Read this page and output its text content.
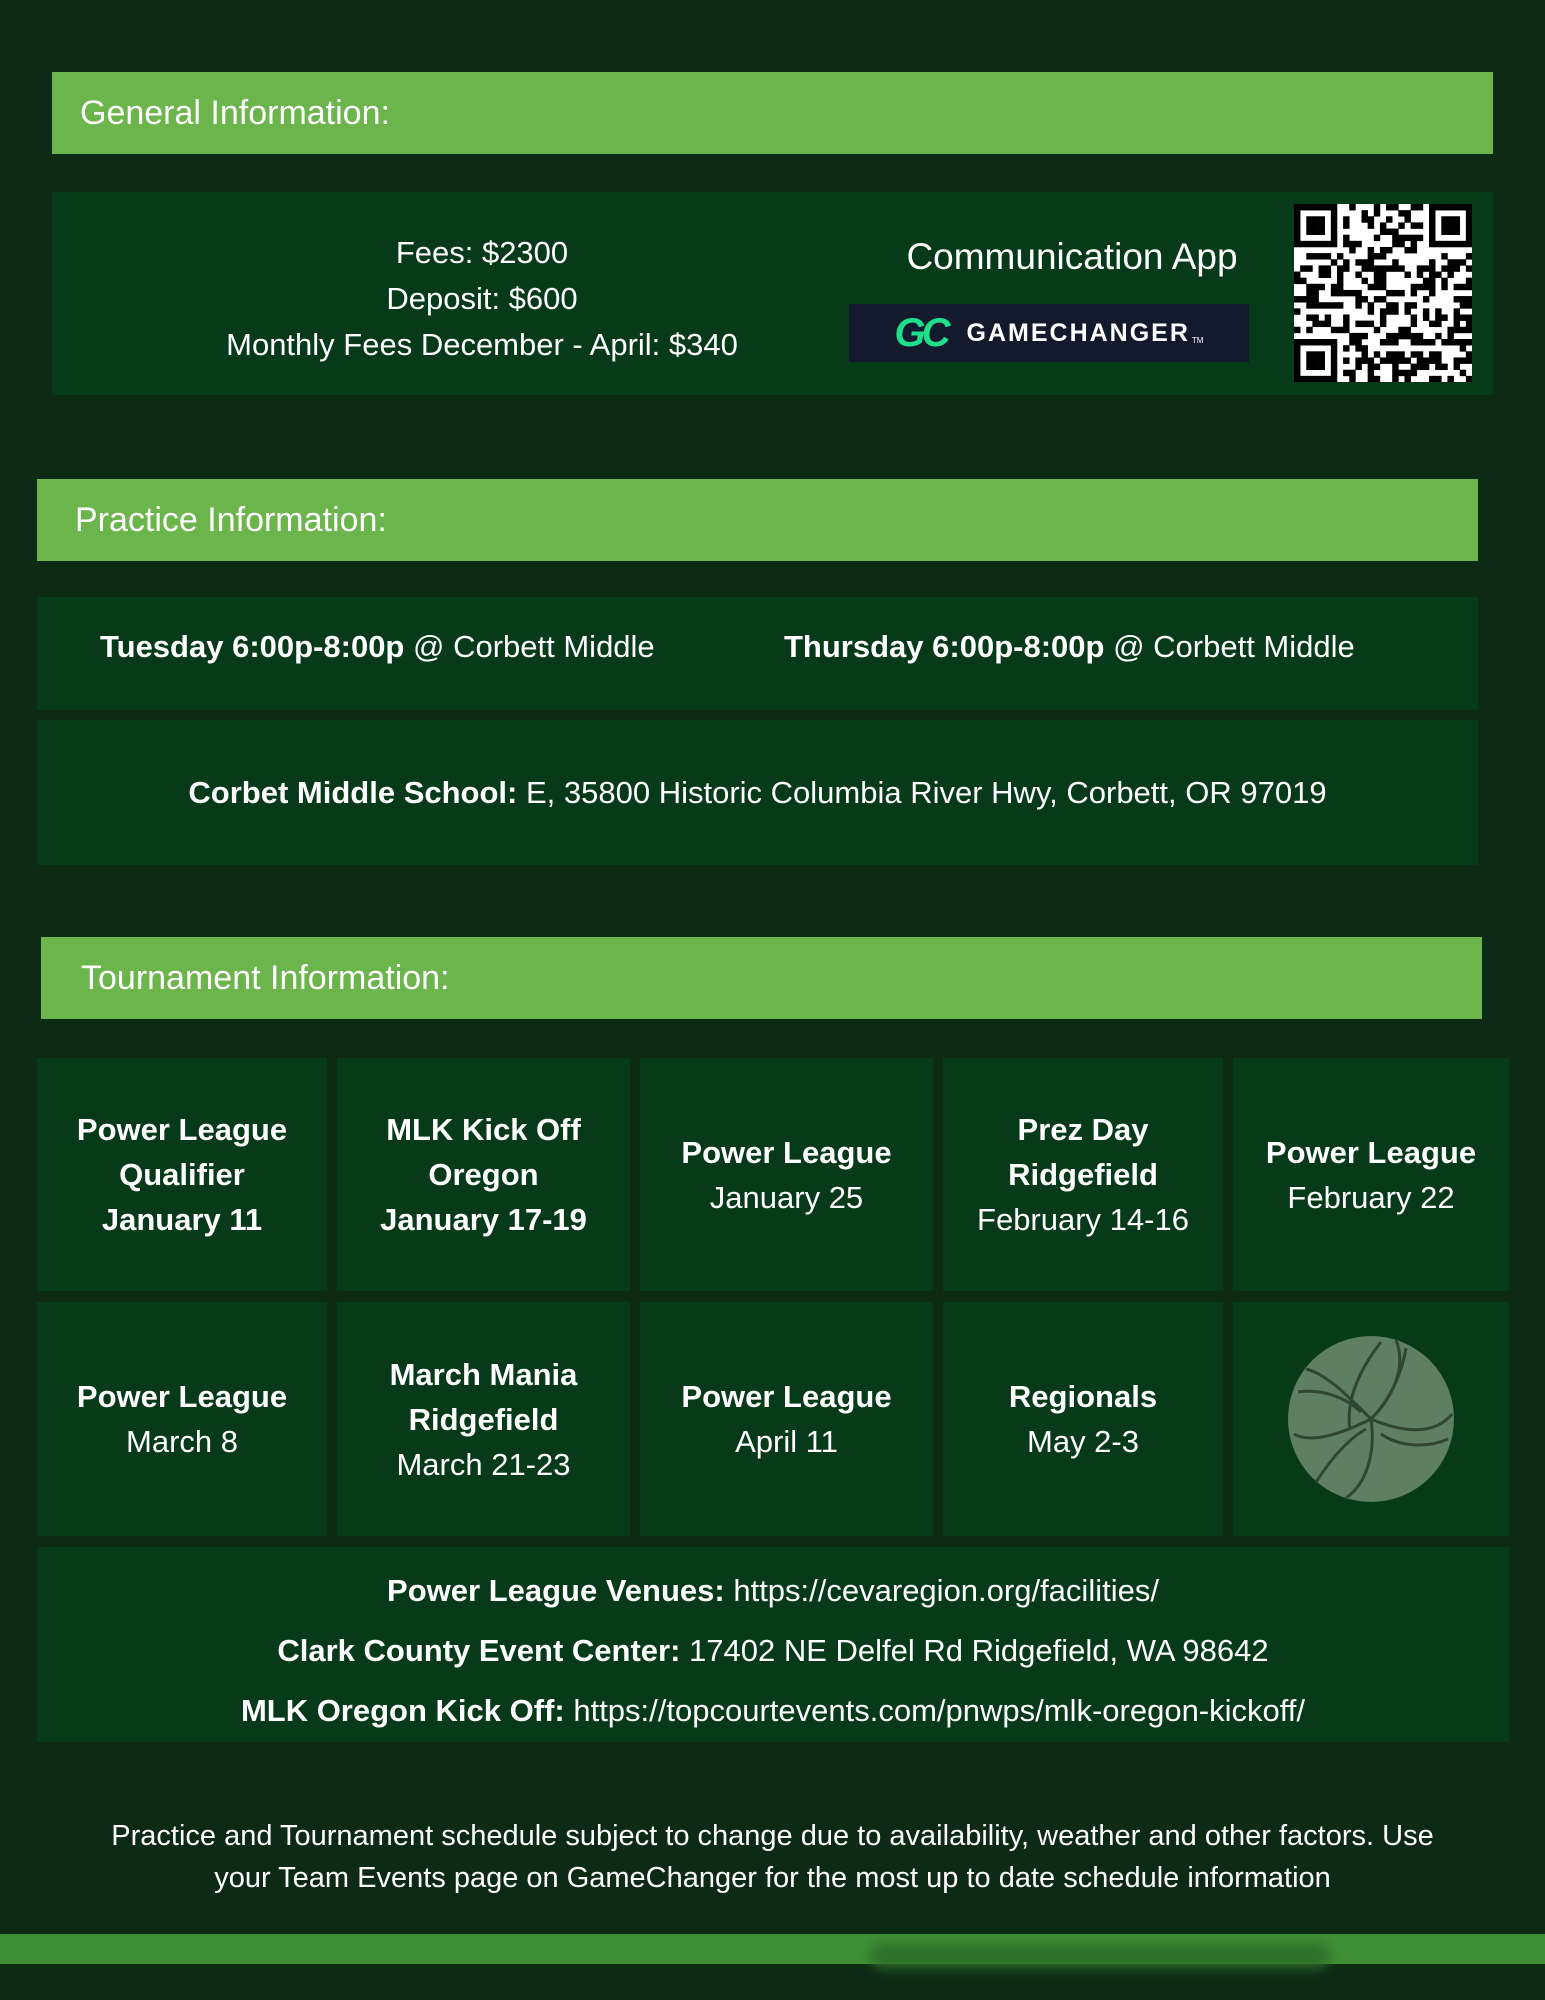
General Information:
Fees: $2300
Deposit: $600
Monthly Fees December - April: $340
Communication App
GC GAMECHANGER TM
Practice Information:
Tuesday 6:00p-8:00p @ Corbett Middle	Thursday 6:00p-8:00p @ Corbett Middle
Corbet Middle School: E, 35800 Historic Columbia River Hwy, Corbett, OR 97019
Tournament Information:
Power League
Qualifier
January 11
MLK Kick Off
Oregon
January 17-19
Power League
January 25
Prez Day
Ridgefield
February 14-16
Power League
February 22
Power League
March 8
March Mania
Ridgefield
March 21-23
Power League
April 11
Regionals
May 2-3
Power League Venues: https://cevaregion.org/facilities/
Clark County Event Center: 17402 NE Delfel Rd Ridgefield, WA 98642
MLK Oregon Kick Off: https://topcourtevents.com/pnwps/mlk-oregon-kickoff/
Practice and Tournament schedule subject to change due to availability, weather and other factors. Use
your Team Events page on GameChanger for the most up to date schedule information
